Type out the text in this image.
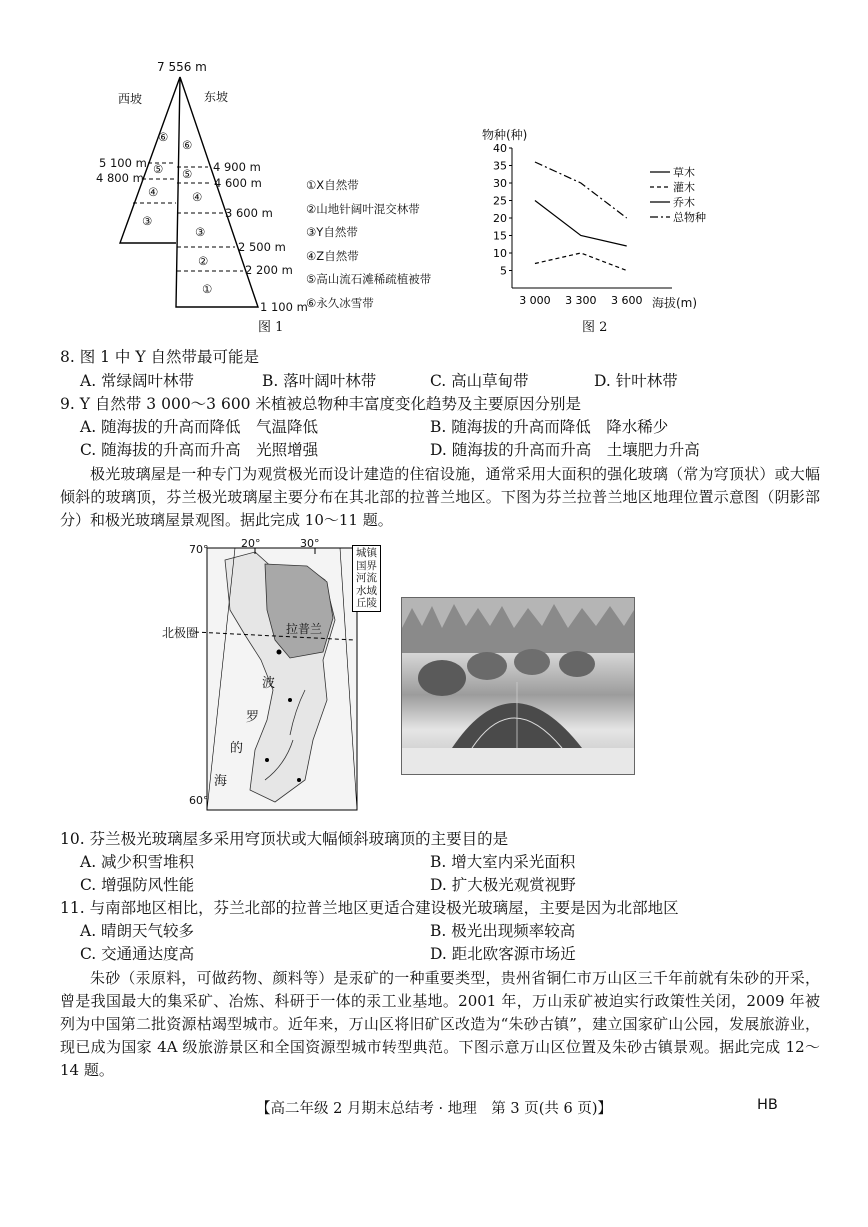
7 556 m
西坡	东坡
5 100 m
4 800 m
4 900 m
4 600 m
3 600 m
2 500 m
2 200 m
1 100 m
⑥
⑥
⑤ ⑤
④	④
③
③
②
①
①X自然带
②山地针阔叶混交林带
③Y自然带
④Z自然带
⑤高山流石滩稀疏植被带
⑥永久冰雪带
图 1
物种(种)
海拔(m)
图 2
5
10
15
20
25
30
35
40
3 000 3 300 3 600
草木
灌木
乔木
总物种
8. 图 1 中 Y 自然带最可能是
A. 常绿阔叶林带	B. 落叶阔叶林带	C. 高山草甸带	D. 针叶林带
9. Y 自然带 3 000～3 600 米植被总物种丰富度变化趋势及主要原因分别是
A. 随海拔的升高而降低　气温降低	B. 随海拔的升高而降低　降水稀少
C. 随海拔的升高而升高　光照增强	D. 随海拔的升高而升高　土壤肥力升高
极光玻璃屋是一种专门为观赏极光而设计建造的住宿设施，通常采用大面积的强化玻璃（常为穹顶状）或大幅倾斜的玻璃顶，芬兰极光玻璃屋主要分布在其北部的拉普兰地区。下图为芬兰拉普兰地区地理位置示意图（阴影部分）和极光玻璃屋景观图。据此完成 10～11 题。
70°
60°
20°	30°
北极圈	拉普兰
波
罗
的
海
城镇
国界
河流
水域
丘陵
10. 芬兰极光玻璃屋多采用穹顶状或大幅倾斜玻璃顶的主要目的是
A. 减少积雪堆积	B. 增大室内采光面积
C. 增强防风性能	D. 扩大极光观赏视野
11. 与南部地区相比，芬兰北部的拉普兰地区更适合建设极光玻璃屋，主要是因为北部地区
A. 晴朗天气较多	B. 极光出现频率较高
C. 交通通达度高	D. 距北欧客源市场近
朱砂（汞原料，可做药物、颜料等）是汞矿的一种重要类型，贵州省铜仁市万山区三千年前就有朱砂的开采，曾是我国最大的集采矿、冶炼、科研于一体的汞工业基地。2001 年，万山汞矿被迫实行政策性关闭，2009 年被列为中国第二批资源枯竭型城市。近年来，万山区将旧矿区改造为“朱砂古镇”，建立国家矿山公园，发展旅游业，现已成为国家 4A 级旅游景区和全国资源型城市转型典范。下图示意万山区位置及朱砂古镇景观。据此完成 12～14 题。
【高二年级 2 月期末总结考 · 地理　第 3 页(共 6 页)】	HB
